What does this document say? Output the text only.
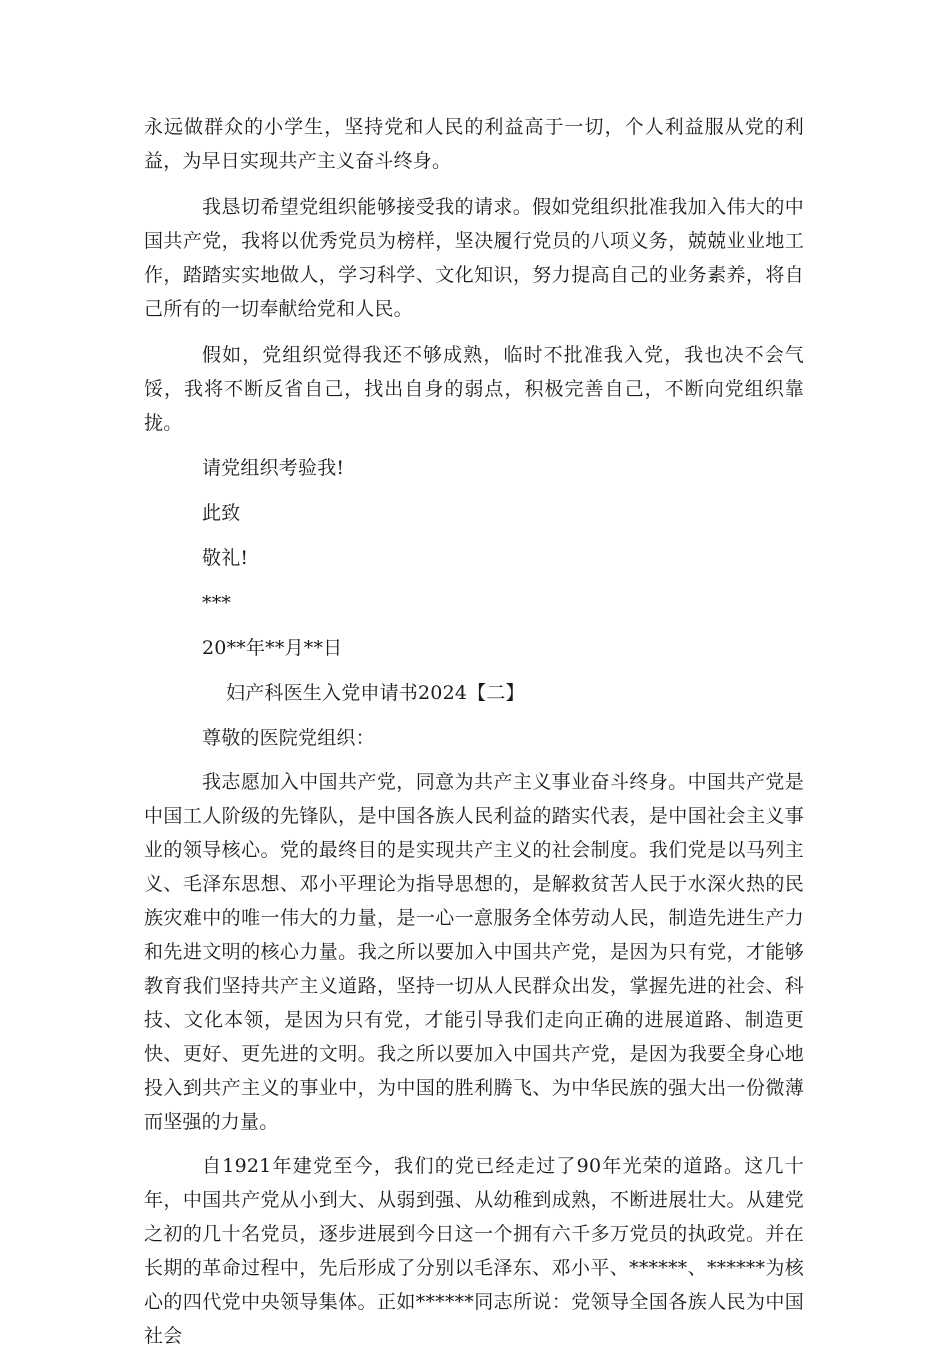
永远做群众的小学生，坚持党和人民的利益高于一切，个人利益服从党的利益，为早日实现共产主义奋斗终身。

我恳切希望党组织能够接受我的请求。假如党组织批准我加入伟大的中国共产党，我将以优秀党员为榜样，坚决履行党员的八项义务，兢兢业业地工作，踏踏实实地做人，学习科学、文化知识，努力提高自己的业务素养，将自己所有的一切奉献给党和人民。

假如，党组织觉得我还不够成熟，临时不批准我入党，我也决不会气馁，我将不断反省自己，找出自身的弱点，积极完善自己，不断向党组织靠拢。

请党组织考验我!

此致

敬礼!

***

20**年**月**日

妇产科医生入党申请书2024【二】

尊敬的医院党组织：

我志愿加入中国共产党，同意为共产主义事业奋斗终身。中国共产党是中国工人阶级的先锋队，是中国各族人民利益的踏实代表，是中国社会主义事业的领导核心。党的最终目的是实现共产主义的社会制度。我们党是以马列主义、毛泽东思想、邓小平理论为指导思想的，是解救贫苦人民于水深火热的民族灾难中的唯一伟大的力量，是一心一意服务全体劳动人民，制造先进生产力和先进文明的核心力量。我之所以要加入中国共产党，是因为只有党，才能够教育我们坚持共产主义道路，坚持一切从人民群众出发，掌握先进的社会、科技、文化本领，是因为只有党，才能引导我们走向正确的进展道路、制造更快、更好、更先进的文明。我之所以要加入中国共产党，是因为我要全身心地投入到共产主义的事业中，为中国的胜利腾飞、为中华民族的强大出一份微薄而坚强的力量。

自1921年建党至今，我们的党已经走过了90年光荣的道路。这几十年，中国共产党从小到大、从弱到强、从幼稚到成熟，不断进展壮大。从建党之初的几十名党员，逐步进展到今日这一个拥有六千多万党员的执政党。并在长期的革命过程中，先后形成了分别以毛泽东、邓小平、******、******为核心的四代党中央领导集体。正如******同志所说：党领导全国各族人民为中国社会
